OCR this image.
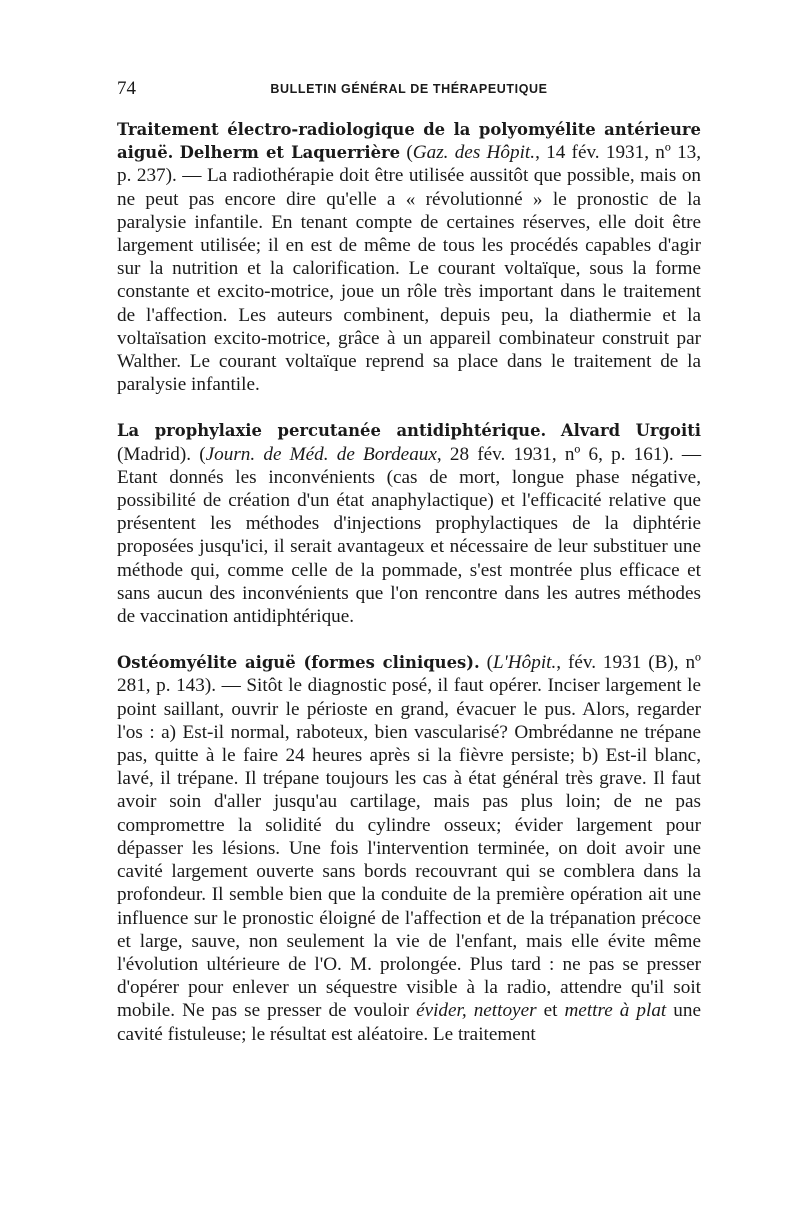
74	BULLETIN GÉNÉRAL DE THÉRAPEUTIQUE

Traitement électro-radiologique de la polyomyélite antérieure aiguë. Delherm et Laquerrière (Gaz. des Hôpit., 14 fév. 1931, nº 13, p. 237). — La radiothérapie doit être utilisée aussitôt que possible, mais on ne peut pas encore dire qu'elle a « révolutionné » le pronostic de la paralysie infantile. En tenant compte de certaines réserves, elle doit être largement utilisée; il en est de même de tous les procédés capables d'agir sur la nutrition et la calorification. Le courant voltaïque, sous la forme constante et excito-motrice, joue un rôle très important dans le traitement de l'affection. Les auteurs combinent, depuis peu, la diathermie et la voltaïsation excito-motrice, grâce à un appareil combinateur construit par Walther. Le courant voltaïque reprend sa place dans le traitement de la paralysie infantile.

La prophylaxie percutanée antidiphtérique. Alvard Urgoiti (Madrid). (Journ. de Méd. de Bordeaux, 28 fév. 1931, nº 6, p. 161). — Etant donnés les inconvénients (cas de mort, longue phase négative, possibilité de création d'un état anaphylactique) et l'efficacité relative que présentent les méthodes d'injections prophylactiques de la diphtérie proposées jusqu'ici, il serait avantageux et nécessaire de leur substituer une méthode qui, comme celle de la pommade, s'est montrée plus efficace et sans aucun des inconvénients que l'on rencontre dans les autres méthodes de vaccination antidiphtérique.

Ostéomyélite aiguë (formes cliniques). (L'Hôpit., fév. 1931 (B), nº 281, p. 143). — Sitôt le diagnostic posé, il faut opérer. Inciser largement le point saillant, ouvrir le périoste en grand, évacuer le pus. Alors, regarder l'os : a) Est-il normal, raboteux, bien vascularisé? Ombrédanne ne trépane pas, quitte à le faire 24 heures après si la fièvre persiste; b) Est-il blanc, lavé, il trépane. Il trépane toujours les cas à état général très grave. Il faut avoir soin d'aller jusqu'au cartilage, mais pas plus loin; de ne pas compromettre la solidité du cylindre osseux; évider largement pour dépasser les lésions. Une fois l'intervention terminée, on doit avoir une cavité largement ouverte sans bords recouvrant qui se comblera dans la profondeur. Il semble bien que la conduite de la première opération ait une influence sur le pronostic éloigné de l'affection et de la trépanation précoce et large, sauve, non seulement la vie de l'enfant, mais elle évite même l'évolution ultérieure de l'O. M. prolongée. Plus tard : ne pas se presser d'opérer pour enlever un séquestre visible à la radio, attendre qu'il soit mobile. Ne pas se presser de vouloir évider, nettoyer et mettre à plat une cavité fistuleuse; le résultat est aléatoire. Le traitement
